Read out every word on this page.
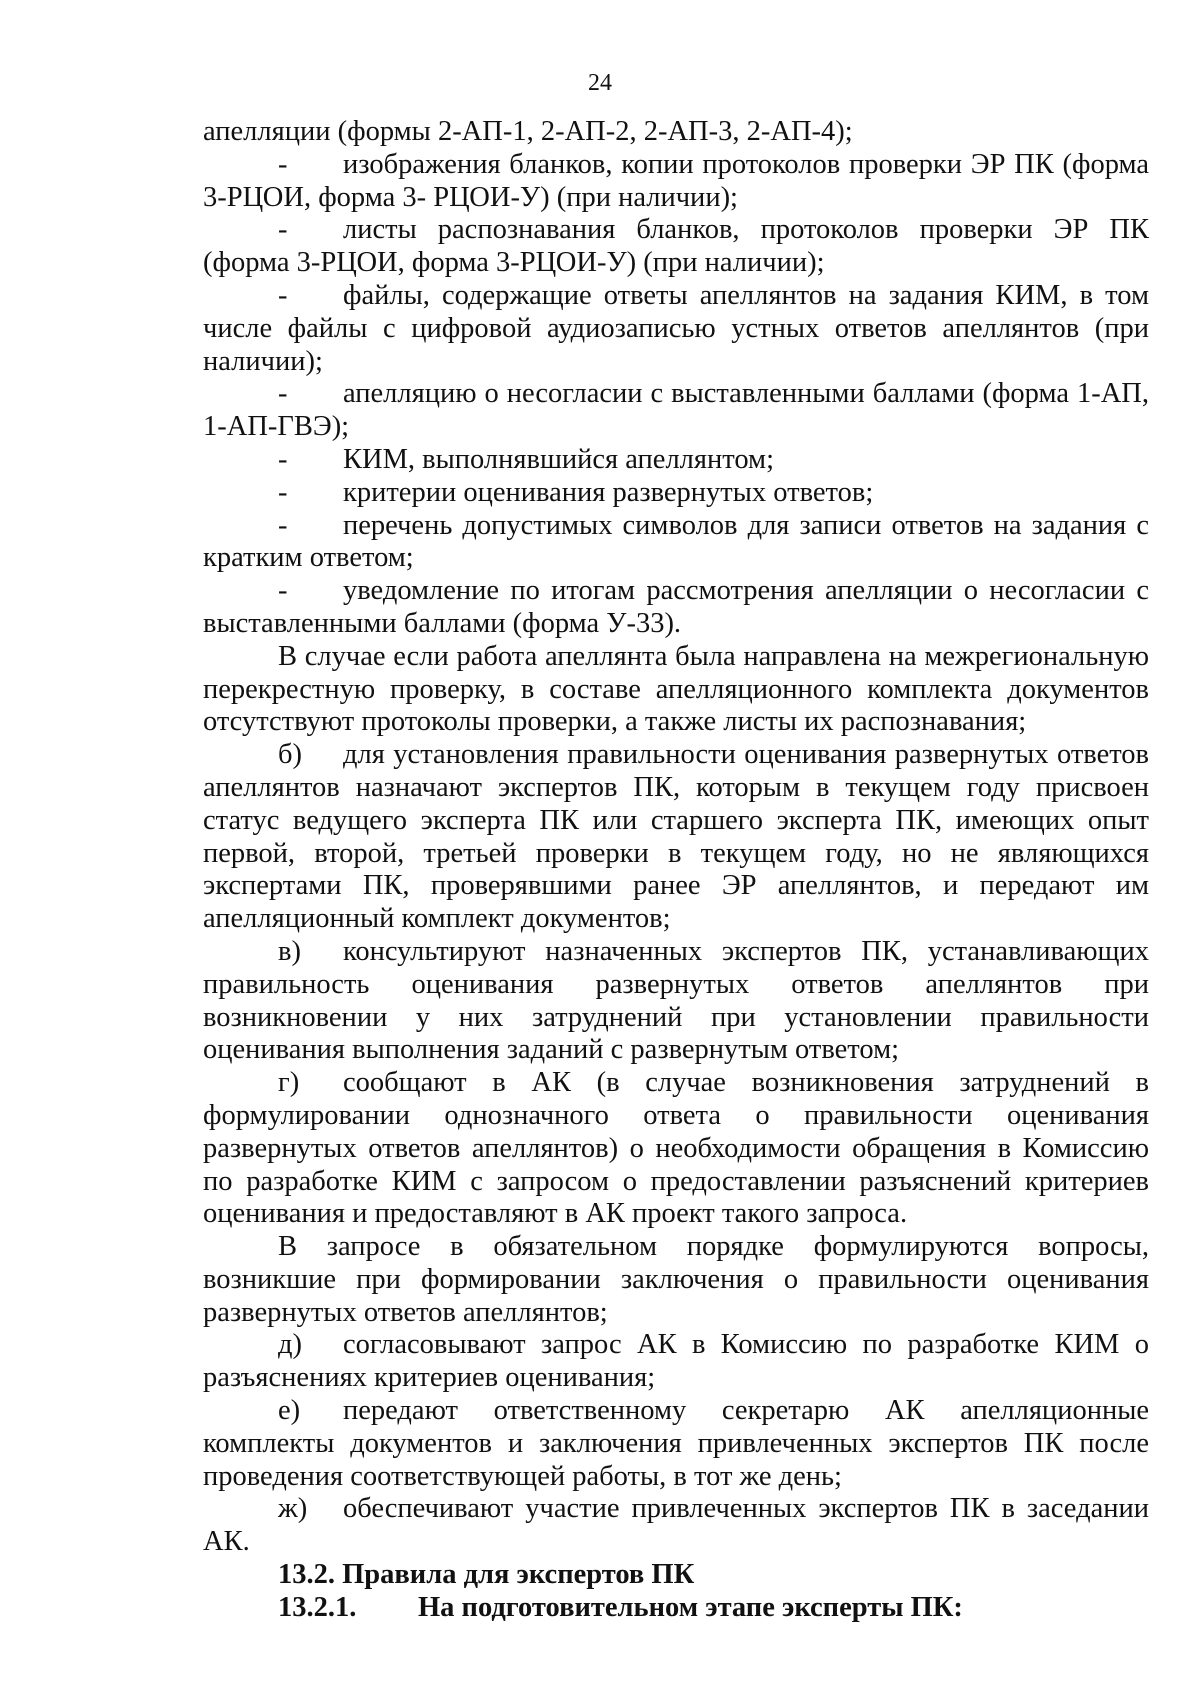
24

апелляции (формы 2-АП-1, 2-АП-2, 2-АП-3, 2-АП-4);

- изображения бланков, копии протоколов проверки ЭР ПК (форма 3-РЦОИ, форма 3- РЦОИ-У) (при наличии);

- листы распознавания бланков, протоколов проверки ЭР ПК (форма 3-РЦОИ, форма 3-РЦОИ-У) (при наличии);

- файлы, содержащие ответы апеллянтов на задания КИМ, в том числе файлы с цифровой аудиозаписью устных ответов апеллянтов (при наличии);

- апелляцию о несогласии с выставленными баллами (форма 1-АП, 1-АП-ГВЭ);

- КИМ, выполнявшийся апеллянтом;

- критерии оценивания развернутых ответов;

- перечень допустимых символов для записи ответов на задания с кратким ответом;

- уведомление по итогам рассмотрения апелляции о несогласии с выставленными баллами (форма У-33).

В случае если работа апеллянта была направлена на межрегиональную перекрестную проверку, в составе апелляционного комплекта документов отсутствуют протоколы проверки, а также листы их распознавания;

б) для установления правильности оценивания развернутых ответов апеллянтов назначают экспертов ПК, которым в текущем году присвоен статус ведущего эксперта ПК или старшего эксперта ПК, имеющих опыт первой, второй, третьей проверки в текущем году, но не являющихся экспертами ПК, проверявшими ранее ЭР апеллянтов, и передают им апелляционный комплект документов;

в) консультируют назначенных экспертов ПК, устанавливающих правильность оценивания развернутых ответов апеллянтов при возникновении у них затруднений при установлении правильности оценивания выполнения заданий с развернутым ответом;

г) сообщают в АК (в случае возникновения затруднений в формулировании однозначного ответа о правильности оценивания развернутых ответов апеллянтов) о необходимости обращения в Комиссию по разработке КИМ с запросом о предоставлении разъяснений критериев оценивания и предоставляют в АК проект такого запроса.

В запросе в обязательном порядке формулируются вопросы, возникшие при формировании заключения о правильности оценивания развернутых ответов апеллянтов;

д) согласовывают запрос АК в Комиссию по разработке КИМ о разъяснениях критериев оценивания;

е) передают ответственному секретарю АК апелляционные комплекты документов и заключения привлеченных экспертов ПК после проведения соответствующей работы, в тот же день;

ж) обеспечивают участие привлеченных экспертов ПК в заседании АК.

13.2. Правила для экспертов ПК

13.2.1. На подготовительном этапе эксперты ПК:
